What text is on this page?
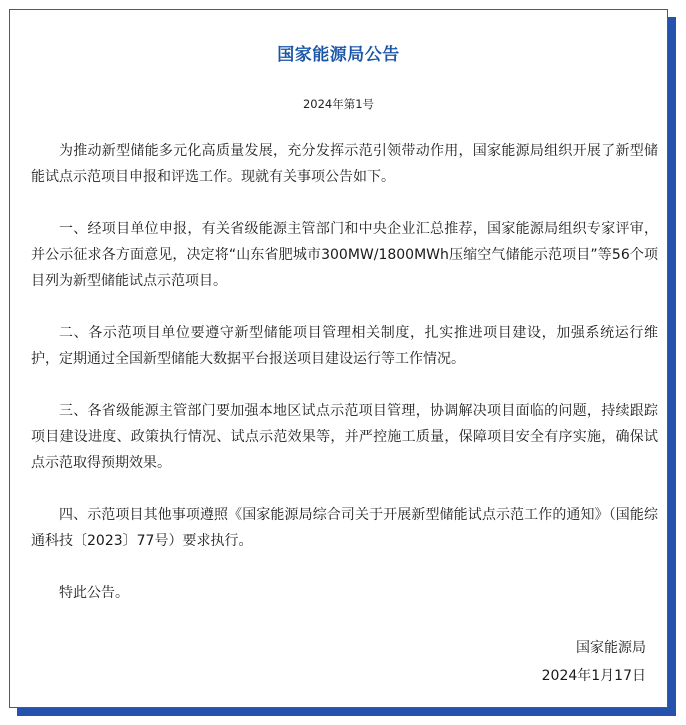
国家能源局公告
2024年第1号

为推动新型储能多元化高质量发展，充分发挥示范引领带动作用，国家能源局组织开展了新型储能试点示范项目申报和评选工作。现就有关事项公告如下。

一、经项目单位申报，有关省级能源主管部门和中央企业汇总推荐，国家能源局组织专家评审，并公示征求各方面意见，决定将“山东省肥城市300MW/1800MWh压缩空气储能示范项目”等56个项目列为新型储能试点示范项目。

二、各示范项目单位要遵守新型储能项目管理相关制度，扎实推进项目建设，加强系统运行维护，定期通过全国新型储能大数据平台报送项目建设运行等工作情况。

三、各省级能源主管部门要加强本地区试点示范项目管理，协调解决项目面临的问题，持续跟踪项目建设进度、政策执行情况、试点示范效果等，并严控施工质量，保障项目安全有序实施，确保试点示范取得预期效果。

四、示范项目其他事项遵照《国家能源局综合司关于开展新型储能试点示范工作的通知》（国能综通科技〔2023〕77号）要求执行。

特此公告。

国家能源局
2024年1月17日
